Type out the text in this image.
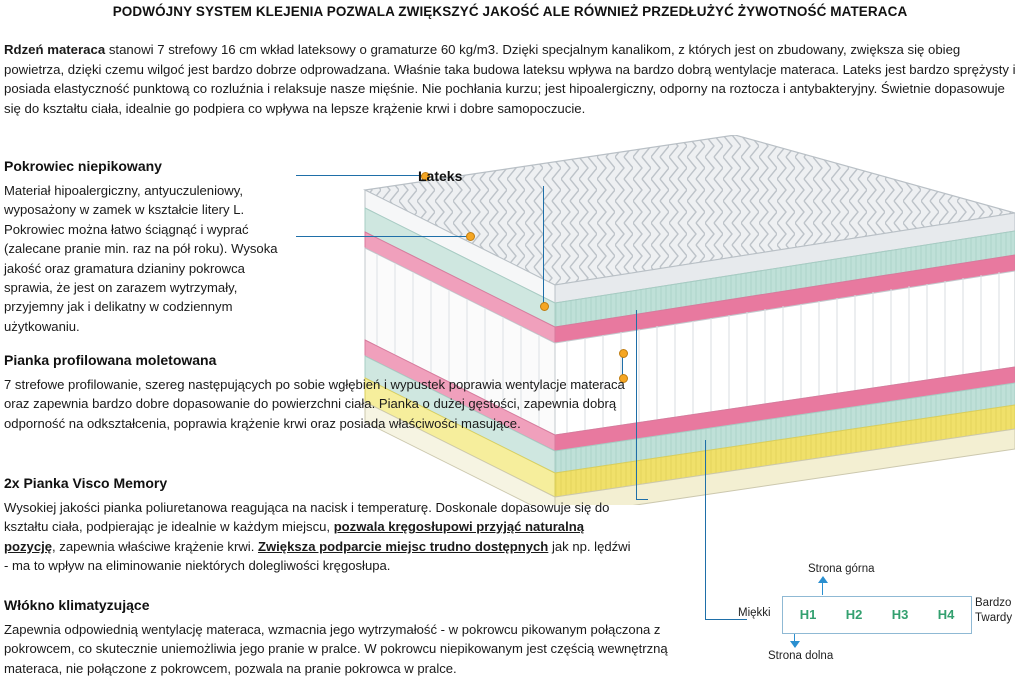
PODWÓJNY SYSTEM KLEJENIA POZWALA ZWIĘKSZYĆ JAKOŚĆ ALE RÓWNIEŻ PRZEDŁUŻYĆ ŻYWOTNOŚĆ MATERACA
Rdzeń materaca stanowi 7 strefowy 16 cm wkład lateksowy o gramaturze 60 kg/m3. Dzięki specjalnym kanalikom, z których jest on zbudowany, zwiększa się obieg powietrza, dzięki czemu wilgoć jest bardzo dobrze odprowadzana. Właśnie taka budowa lateksu wpływa na bardzo dobrą wentylacje materaca. Lateks jest bardzo sprężysty i posiada elastyczność punktową co rozluźnia i relaksuje nasze mięśnie. Nie pochłania kurzu; jest hipoalergiczny, odporny na roztocza i antybakteryjny. Świetnie dopasowuje się do kształtu ciała, idealnie go podpiera co wpływa na lepsze krążenie krwi i dobre samopoczucie.
Lateks
Pokrowiec niepikowany
Materiał hipoalergiczny, antyuczuleniowy, wyposażony w zamek w kształcie litery L. Pokrowiec można łatwo ściągnąć i wyprać (zalecane pranie min. raz na pół roku). Wysoka jakość oraz gramatura dzianiny pokrowca sprawia, że jest on zarazem wytrzymały, przyjemny jak i delikatny w codziennym użytkowaniu.
Pianka profilowana moletowana
7 strefowe profilowanie, szereg następujących po sobie wgłębień i wypustek poprawia wentylacje materaca oraz zapewnia bardzo dobre dopasowanie do powierzchni ciała. Pianka o dużej gęstości, zapewnia dobrą odporność na odkształcenia, poprawia krążenie krwi oraz posiada właściwości masujące.
2x Pianka Visco Memory
Wysokiej jakości pianka poliuretanowa reagująca na nacisk i temperaturę. Doskonale dopasowuje się do kształtu ciała, podpierając je idealnie w każdym miejscu, pozwala kręgosłupowi przyjąć naturalną pozycję, zapewnia właściwe krążenie krwi. Zwiększa podparcie miejsc trudno dostępnych jak np. lędźwi - ma to wpływ na eliminowanie niektórych dolegliwości kręgosłupa.
Włókno klimatyzujące
Zapewnia odpowiednią wentylację materaca, wzmacnia jego wytrzymałość - w pokrowcu pikowanym połączona z pokrowcem, co skutecznie uniemożliwia jego pranie w pralce. W pokrowcu niepikowanym jest częścią wewnętrzną materaca, nie połączone z pokrowcem, pozwala na pranie pokrowca w pralce.
Strona górna
H1	H2	H3	H4
Miękki
Bardzo
Twardy
Strona dolna
